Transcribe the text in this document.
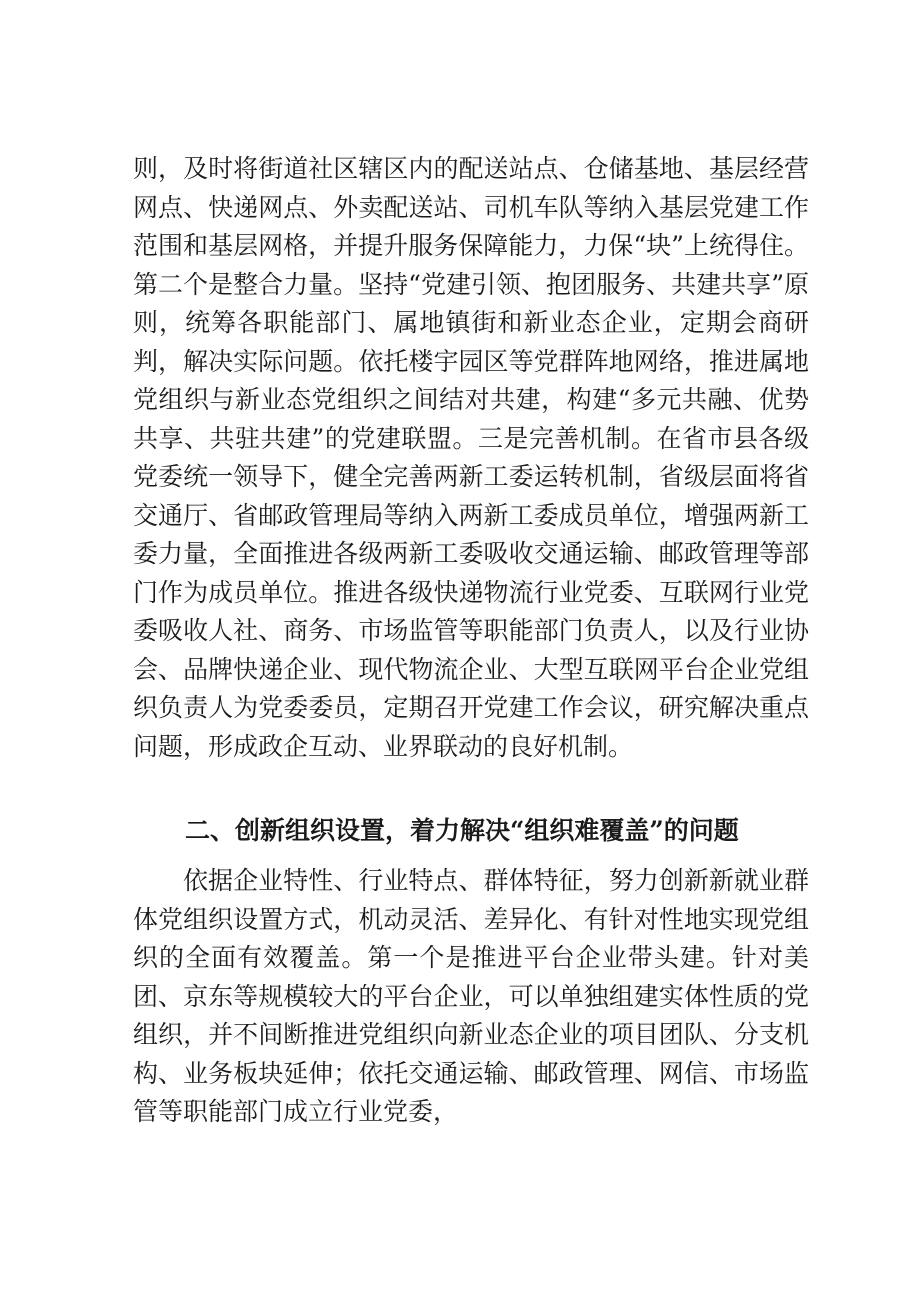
则，及时将街道社区辖区内的配送站点、仓储基地、基层经营网点、快递网点、外卖配送站、司机车队等纳入基层党建工作范围和基层网格，并提升服务保障能力，力保“块”上统得住。第二个是整合力量。坚持“党建引领、抱团服务、共建共享”原则，统筹各职能部门、属地镇街和新业态企业，定期会商研判，解决实际问题。依托楼宇园区等党群阵地网络，推进属地党组织与新业态党组织之间结对共建，构建“多元共融、优势共享、共驻共建”的党建联盟。三是完善机制。在省市县各级党委统一领导下，健全完善两新工委运转机制，省级层面将省交通厅、省邮政管理局等纳入两新工委成员单位，增强两新工委力量，全面推进各级两新工委吸收交通运输、邮政管理等部门作为成员单位。推进各级快递物流行业党委、互联网行业党委吸收人社、商务、市场监管等职能部门负责人，以及行业协会、品牌快递企业、现代物流企业、大型互联网平台企业党组织负责人为党委委员，定期召开党建工作会议，研究解决重点问题，形成政企互动、业界联动的良好机制。

二、创新组织设置，着力解决“组织难覆盖”的问题

依据企业特性、行业特点、群体特征，努力创新新就业群体党组织设置方式，机动灵活、差异化、有针对性地实现党组织的全面有效覆盖。第一个是推进平台企业带头建。针对美团、京东等规模较大的平台企业，可以单独组建实体性质的党组织，并不间断推进党组织向新业态企业的项目团队、分支机构、业务板块延伸；依托交通运输、邮政管理、网信、市场监管等职能部门成立行业党委，
